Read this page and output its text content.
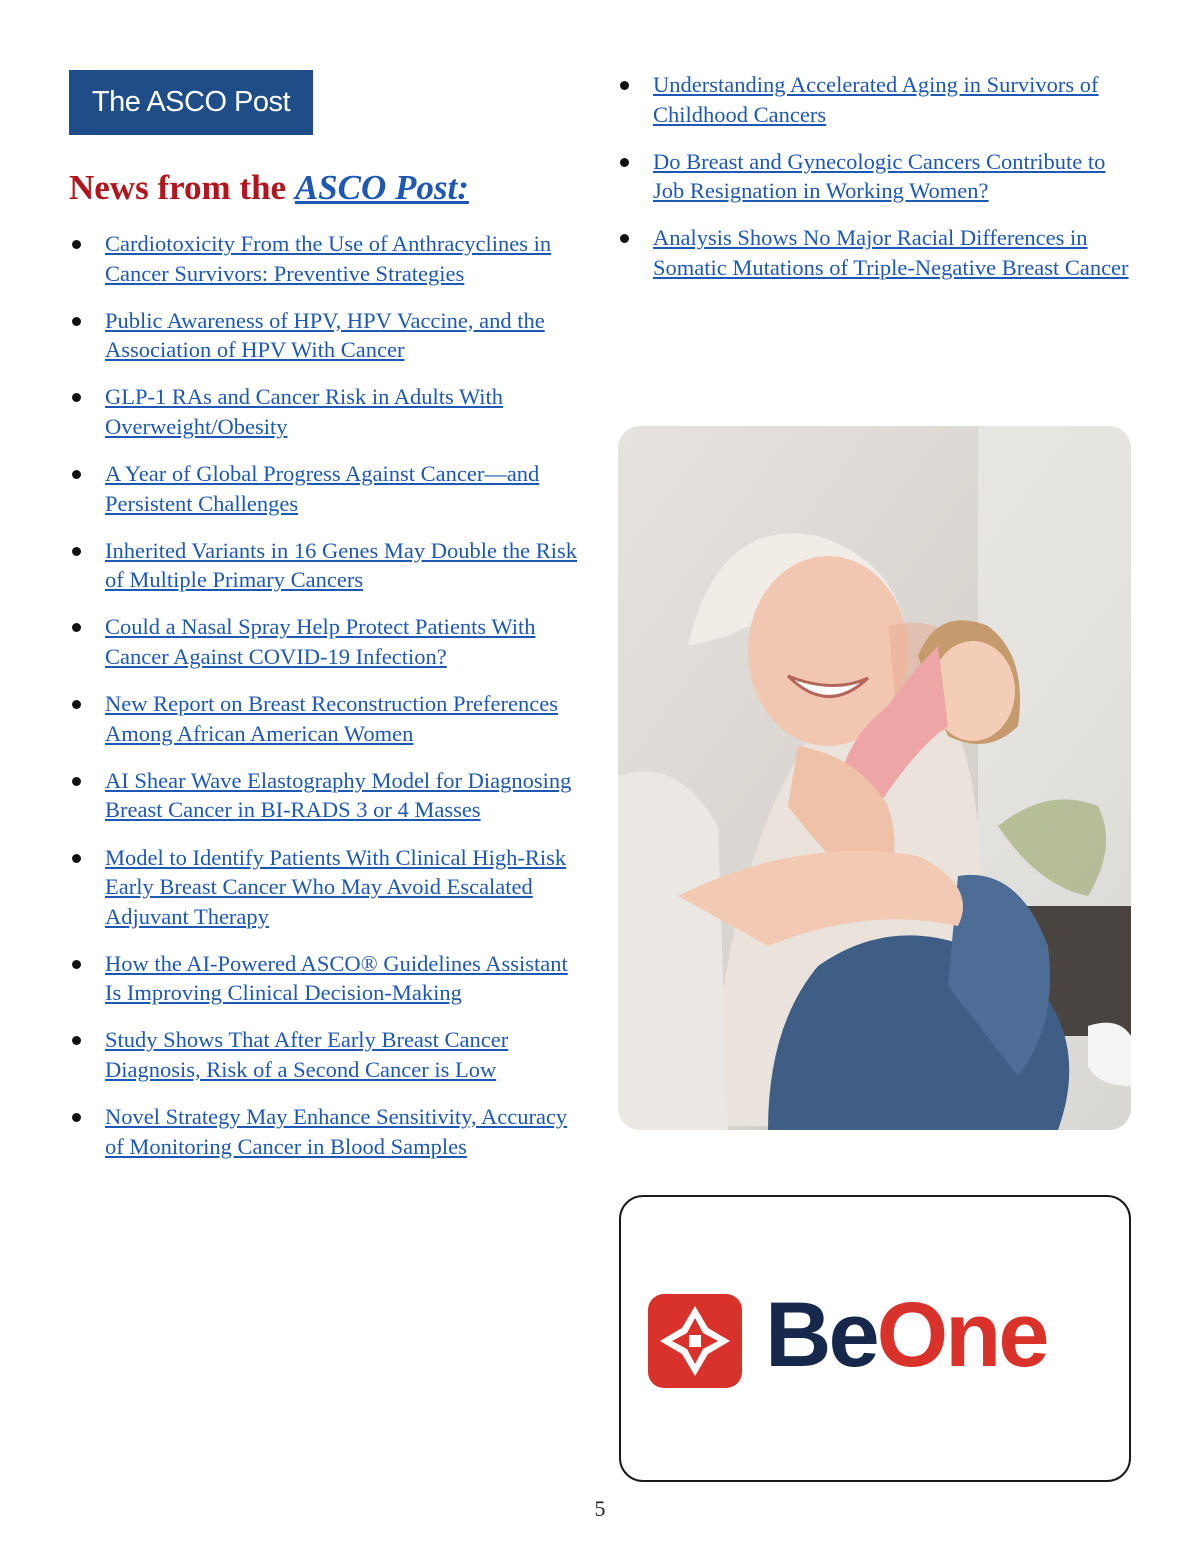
The ASCO Post
News from the ASCO Post:
Cardiotoxicity From the Use of Anthracyclines in Cancer Survivors: Preventive Strategies
Public Awareness of HPV, HPV Vaccine, and the Association of HPV With Cancer
GLP-1 RAs and Cancer Risk in Adults With Overweight/Obesity
A Year of Global Progress Against Cancer—and Persistent Challenges
Inherited Variants in 16 Genes May Double the Risk of Multiple Primary Cancers
Could a Nasal Spray Help Protect Patients With Cancer Against COVID-19 Infection?
New Report on Breast Reconstruction Preferences Among African American Women
AI Shear Wave Elastography Model for Diagnosing Breast Cancer in BI-RADS 3 or 4 Masses
Model to Identify Patients With Clinical High-Risk Early Breast Cancer Who May Avoid Escalated Adjuvant Therapy
How the AI-Powered ASCO® Guidelines Assistant Is Improving Clinical Decision-Making
Study Shows That After Early Breast Cancer Diagnosis, Risk of a Second Cancer is Low
Novel Strategy May Enhance Sensitivity, Accuracy of Monitoring Cancer in Blood Samples
Understanding Accelerated Aging in Survivors of Childhood Cancers
Do Breast and Gynecologic Cancers Contribute to Job Resignation in Working Women?
Analysis Shows No Major Racial Differences in Somatic Mutations of Triple-Negative Breast Cancer
BeOne
5
